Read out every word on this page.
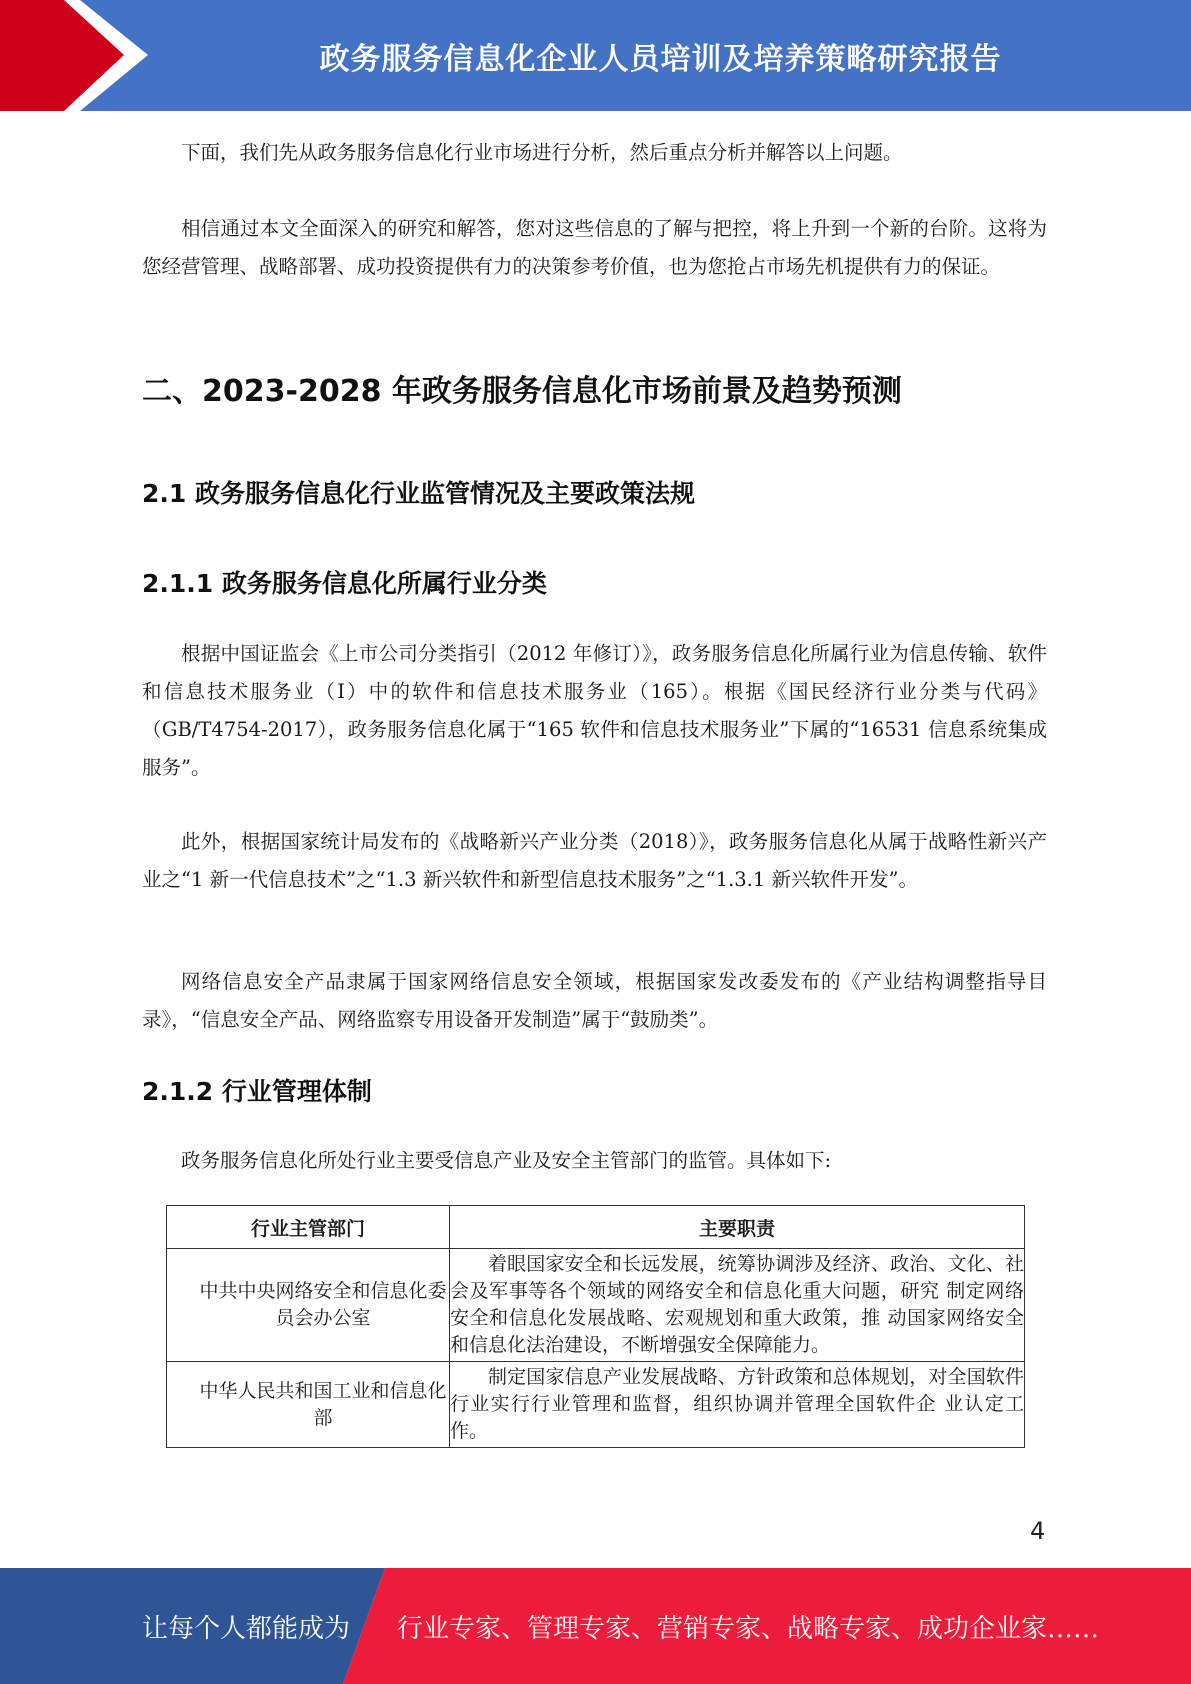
政务服务信息化企业人员培训及培养策略研究报告

下面，我们先从政务服务信息化行业市场进行分析，然后重点分析并解答以上问题。

相信通过本文全面深入的研究和解答，您对这些信息的了解与把控，将上升到一个新的台阶。这将为您经营管理、战略部署、成功投资提供有力的决策参考价值，也为您抢占市场先机提供有力的保证。

二、2023-2028 年政务服务信息化市场前景及趋势预测
2.1 政务服务信息化行业监管情况及主要政策法规
2.1.1 政务服务信息化所属行业分类

根据中国证监会《上市公司分类指引（2012 年修订）》，政务服务信息化所属行业为信息传输、软件和信息技术服务业（I）中的软件和信息技术服务业（165）。根据《国民经济行业分类与代码》（GB/T4754-2017），政务服务信息化属于“165 软件和信息技术服务业”下属的“16531 信息系统集成服务”。

此外，根据国家统计局发布的《战略新兴产业分类（2018）》，政务服务信息化从属于战略性新兴产业之“1 新一代信息技术”之“1.3 新兴软件和新型信息技术服务”之“1.3.1 新兴软件开发”。

网络信息安全产品隶属于国家网络信息安全领域，根据国家发改委发布的《产业结构调整指导目录》，“信息安全产品、网络监察专用设备开发制造”属于“鼓励类”。

2.1.2 行业管理体制

政务服务信息化所处行业主要受信息产业及安全主管部门的监管。具体如下:

行业主管部门	主要职责
中共中央网络安全和信息化委员会办公室	着眼国家安全和长远发展，统筹协调涉及经济、政治、文化、社会及军事等各个领域的网络安全和信息化重大问题，研究 制定网络安全和信息化发展战略、宏观规划和重大政策，推 动国家网络安全和信息化法治建设，不断增强安全保障能力。
中华人民共和国工业和信息化部	制定国家信息产业发展战略、方针政策和总体规划，对全国软件行业实行行业管理和监督，组织协调并管理全国软件企 业认定工作。
4
让每个人都能成为 行业专家、管理专家、营销专家、战略专家、成功企业家……
